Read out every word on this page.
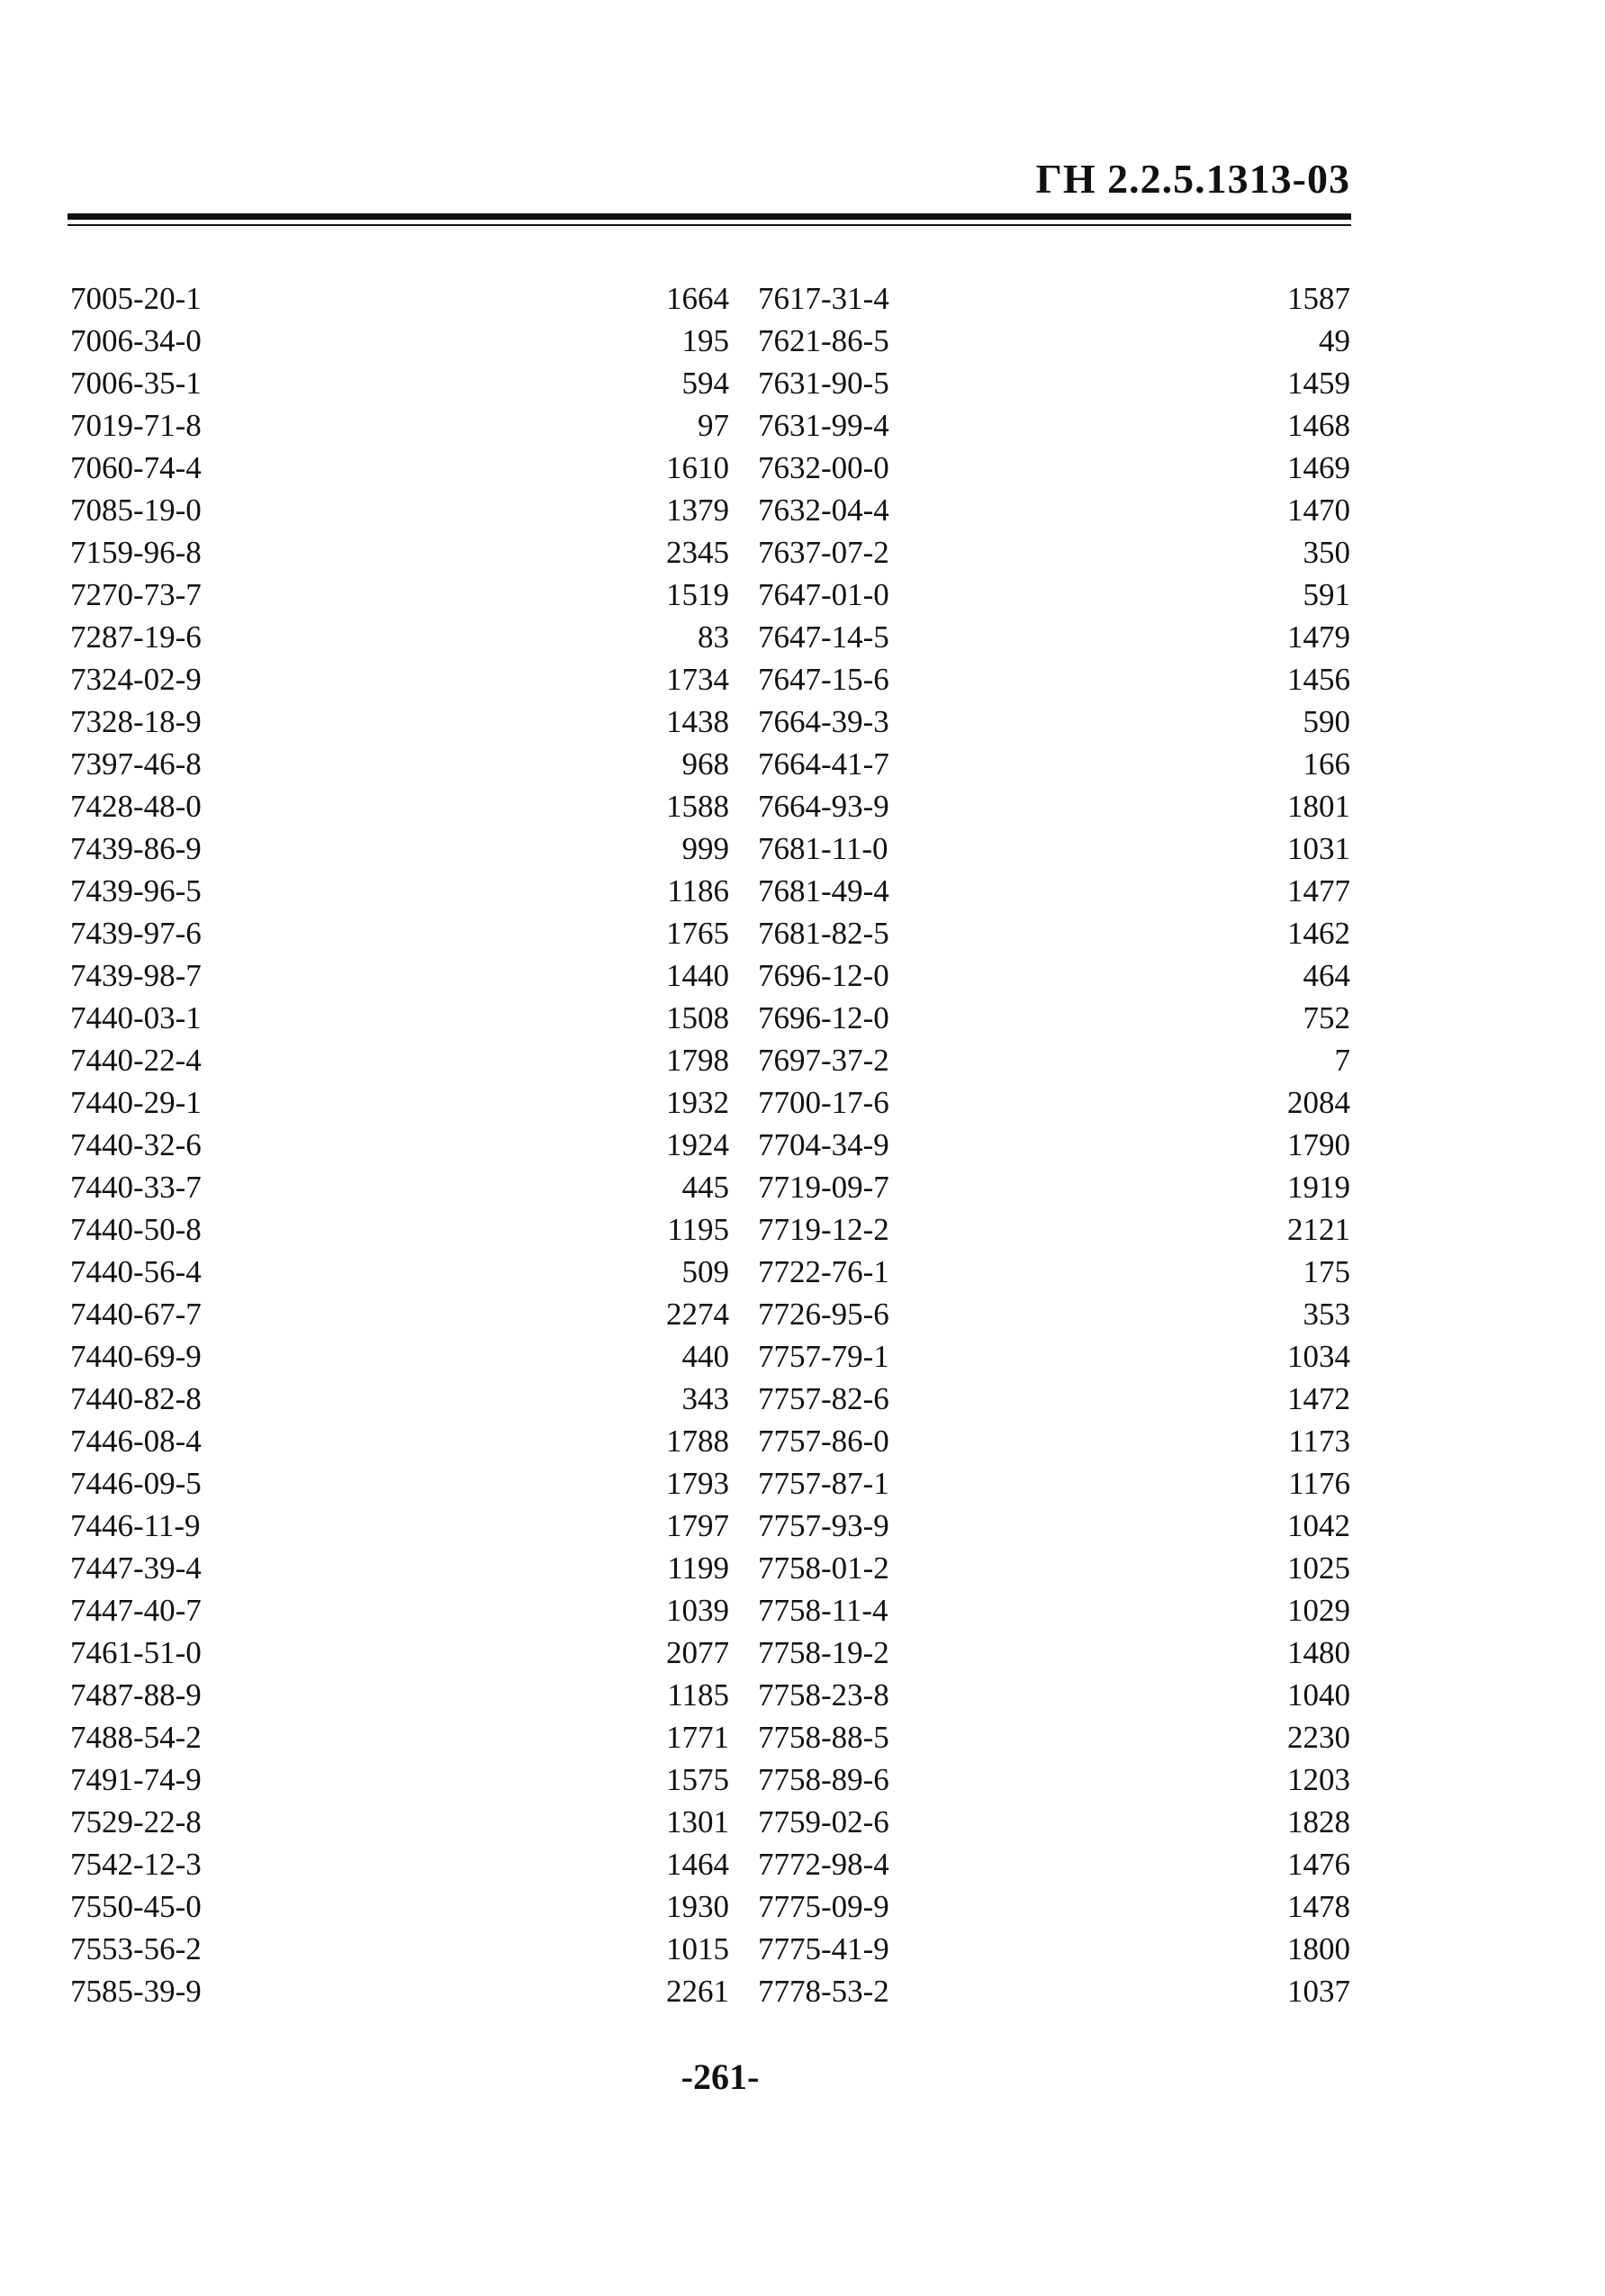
ГН 2.2.5.1313-03
7005-20-1	1664 7617-31-4	1587
7006-34-0	195 7621-86-5	49
7006-35-1	594 7631-90-5	1459
7019-71-8	97 7631-99-4	1468
7060-74-4	1610 7632-00-0	1469
7085-19-0	1379 7632-04-4	1470
7159-96-8	2345 7637-07-2	350
7270-73-7	1519 7647-01-0	591
7287-19-6	83 7647-14-5	1479
7324-02-9	1734 7647-15-6	1456
7328-18-9	1438 7664-39-3	590
7397-46-8	968 7664-41-7	166
7428-48-0	1588 7664-93-9	1801
7439-86-9	999 7681-11-0	1031
7439-96-5	1186 7681-49-4	1477
7439-97-6	1765 7681-82-5	1462
7439-98-7	1440 7696-12-0	464
7440-03-1	1508 7696-12-0	752
7440-22-4	1798 7697-37-2	7
7440-29-1	1932 7700-17-6	2084
7440-32-6	1924 7704-34-9	1790
7440-33-7	445 7719-09-7	1919
7440-50-8	1195 7719-12-2	2121
7440-56-4	509 7722-76-1	175
7440-67-7	2274 7726-95-6	353
7440-69-9	440 7757-79-1	1034
7440-82-8	343 7757-82-6	1472
7446-08-4	1788 7757-86-0	1173
7446-09-5	1793 7757-87-1	1176
7446-11-9	1797 7757-93-9	1042
7447-39-4	1199 7758-01-2	1025
7447-40-7	1039 7758-11-4	1029
7461-51-0	2077 7758-19-2	1480
7487-88-9	1185 7758-23-8	1040
7488-54-2	1771 7758-88-5	2230
7491-74-9	1575 7758-89-6	1203
7529-22-8	1301 7759-02-6	1828
7542-12-3	1464 7772-98-4	1476
7550-45-0	1930 7775-09-9	1478
7553-56-2	1015 7775-41-9	1800
7585-39-9	2261 7778-53-2	1037
-261-
